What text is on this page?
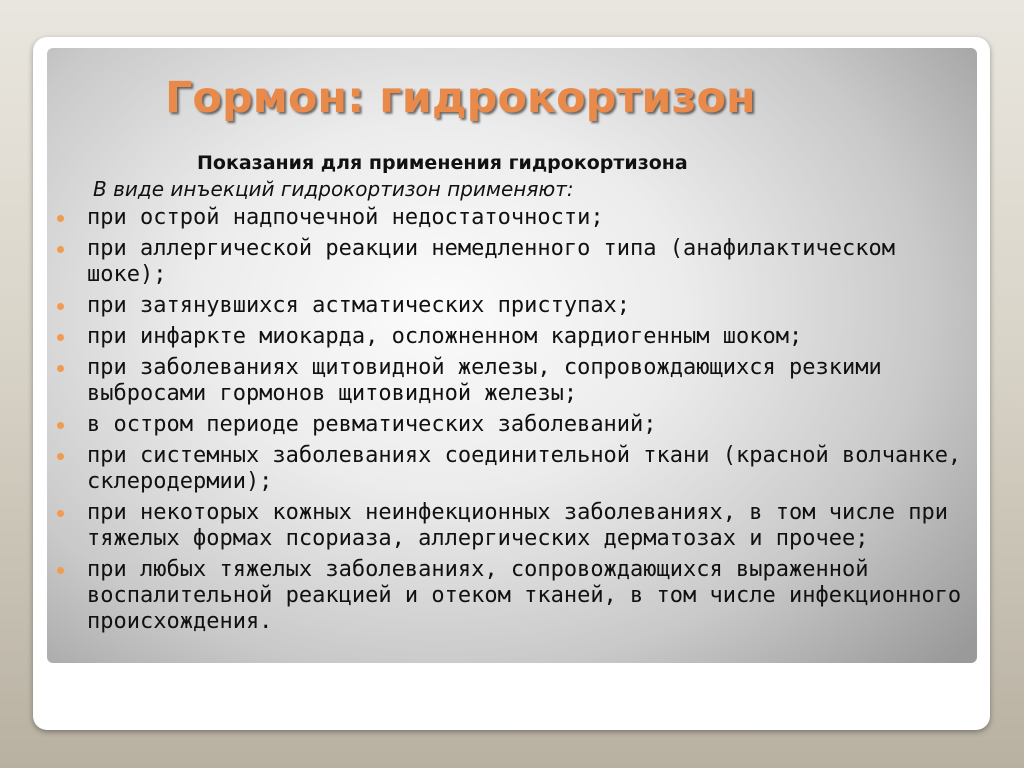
Гормон: гидрокортизон
Показания для применения гидрокортизона
В виде инъекций гидрокортизон применяют:
при острой надпочечной недостаточности;
при аллергической реакции немедленного типа (анафилактическом шоке);
при затянувшихся астматических приступах;
при инфаркте миокарда, осложненном кардиогенным шоком;
при заболеваниях щитовидной железы, сопровождающихся резкими выбросами гормонов щитовидной железы;
в остром периоде ревматических заболеваний;
при системных заболеваниях соединительной ткани (красной волчанке, склеродермии);
при некоторых кожных неинфекционных заболеваниях, в том числе при тяжелых формах псориаза, аллергических дерматозах и прочее;
при любых тяжелых заболеваниях, сопровождающихся выраженной воспалительной реакцией и отеком тканей, в том числе инфекционного происхождения.
